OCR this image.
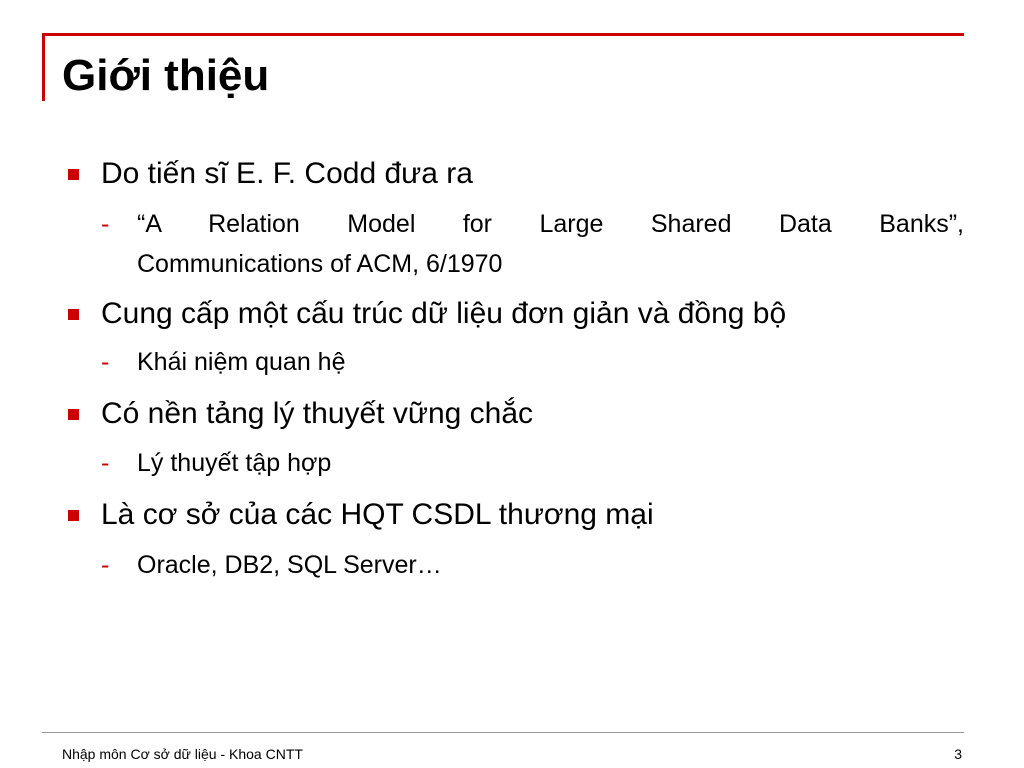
Giới thiệu
Do tiến sĩ E. F. Codd đưa ra
- “A Relation Model for Large Shared Data Banks”,
Communications of ACM, 6/1970
Cung cấp một cấu trúc dữ liệu đơn giản và đồng bộ
- Khái niệm quan hệ
Có nền tảng lý thuyết vững chắc
- Lý thuyết tập hợp
Là cơ sở của các HQT CSDL thương mại
- Oracle, DB2, SQL Server…
Nhập môn Cơ sở dữ liệu - Khoa CNTT	3
